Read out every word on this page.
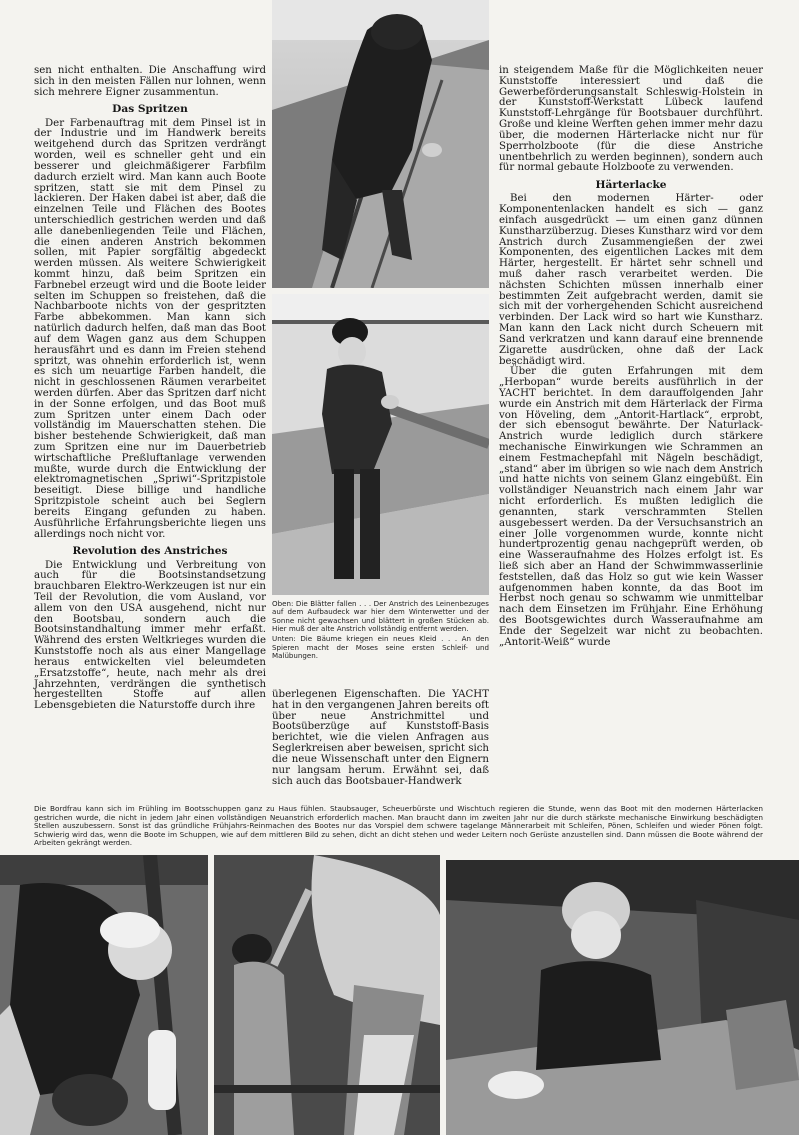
sen nicht enthalten. Die Anschaffung wird sich in den meisten Fällen nur lohnen, wenn sich mehrere Eigner zusammentun.

Das Spritzen

Der Farbenauftrag mit dem Pinsel ist in der Industrie und im Handwerk bereits weitgehend durch das Spritzen verdrängt worden, weil es schneller geht und ein besserer und gleichmäßigerer Farbfilm dadurch erzielt wird. Man kann auch Boote spritzen, statt sie mit dem Pinsel zu lackieren. Der Haken dabei ist aber, daß die einzelnen Teile und Flächen des Bootes unterschiedlich gestrichen werden und daß alle danebenliegenden Teile und Flächen, die einen anderen Anstrich bekommen sollen, mit Papier sorgfältig abgedeckt werden müssen. Als weitere Schwierigkeit kommt hinzu, daß beim Spritzen ein Farbnebel erzeugt wird und die Boote leider selten im Schuppen so freistehen, daß die Nachbarboote nichts von der gespritzten Farbe abbekommen. Man kann sich natürlich dadurch helfen, daß man das Boot auf dem Wagen ganz aus dem Schuppen herausfährt und es dann im Freien stehend spritzt, was ohnehin erforderlich ist, wenn es sich um neuartige Farben handelt, die nicht in geschlossenen Räumen verarbeitet werden dürfen. Aber das Spritzen darf nicht in der Sonne erfolgen, und das Boot muß zum Spritzen unter einem Dach oder vollständig im Mauerschatten stehen. Die bisher bestehende Schwierigkeit, daß man zum Spritzen eine nur im Dauerbetrieb wirtschaftliche Preßluftanlage verwenden mußte, wurde durch die Entwicklung der elektromagnetischen „Spriwi“-Spritzpistole beseitigt. Diese billige und handliche Spritzpistole scheint auch bei Seglern bereits Eingang gefunden zu haben. Ausführliche Erfahrungsberichte liegen uns allerdings noch nicht vor.

Revolution des Anstriches

Die Entwicklung und Verbreitung von auch für die Bootsinstandsetzung brauchbaren Elektro-Werkzeugen ist nur ein Teil der Revolution, die vom Ausland, vor allem von den USA ausgehend, nicht nur den Bootsbau, sondern auch die Bootsinstandhaltung immer mehr erfaßt. Während des ersten Weltkrieges wurden die Kunststoffe noch als aus einer Mangellage heraus entwickelten viel beleumdeten „Ersatzstoffe“, heute, nach mehr als drei Jahrzehnten, verdrängen die synthetisch hergestellten Stoffe auf allen Lebensgebieten die Naturstoffe durch ihre

Oben: Die Blätter fallen . . . Der Anstrich des Leinenbezuges auf dem Aufbaudeck war hier dem Winterwetter und der Sonne nicht gewachsen und blättert in großen Stücken ab. Hier muß der alte Anstrich vollständig entfernt werden.

Unten: Die Bäume kriegen ein neues Kleid . . . An den Spieren macht der Moses seine ersten Schleif- und Malübungen.

überlegenen Eigenschaften. Die YACHT hat in den vergangenen Jahren bereits oft über neue Anstrichmittel und Bootsüberzüge auf Kunststoff-Basis berichtet, wie die vielen Anfragen aus Seglerkreisen aber beweisen, spricht sich die neue Wissenschaft unter den Eignern nur langsam herum. Erwähnt sei, daß sich auch das Bootsbauer-Handwerk

in steigendem Maße für die Möglichkeiten neuer Kunststoffe interessiert und daß die Gewerbeförderungsanstalt Schleswig-Holstein in der Kunststoff-Werkstatt Lübeck laufend Kunststoff-Lehrgänge für Bootsbauer durchführt. Große und kleine Werften gehen immer mehr dazu über, die modernen Härterlacke nicht nur für Sperrholzboote (für die diese Anstriche unentbehrlich zu werden beginnen), sondern auch für normal gebaute Holzboote zu verwenden.

Härterlacke

Bei den modernen Härter- oder Komponentenlacken handelt es sich — ganz einfach ausgedrückt — um einen ganz dünnen Kunstharzüberzug. Dieses Kunstharz wird vor dem Anstrich durch Zusammengießen der zwei Komponenten, des eigentlichen Lackes mit dem Härter, hergestellt. Er härtet sehr schnell und muß daher rasch verarbeitet werden. Die nächsten Schichten müssen innerhalb einer bestimmten Zeit aufgebracht werden, damit sie sich mit der vorhergehenden Schicht ausreichend verbinden. Der Lack wird so hart wie Kunstharz. Man kann den Lack nicht durch Scheuern mit Sand verkratzen und kann darauf eine brennende Zigarette ausdrücken, ohne daß der Lack beschädigt wird.

Über die guten Erfahrungen mit dem „Herbopan“ wurde bereits ausführlich in der YACHT berichtet. In dem darauffolgenden Jahr wurde ein Anstrich mit dem Härterlack der Firma von Höveling, dem „Antorit-Hartlack“, erprobt, der sich ebensogut bewährte. Der Naturlack-Anstrich wurde lediglich durch stärkere mechanische Einwirkungen wie Schrammen an einem Festmachepfahl mit Nägeln beschädigt, „stand“ aber im übrigen so wie nach dem Anstrich und hatte nichts von seinem Glanz eingebüßt. Ein vollständiger Neuanstrich nach einem Jahr war nicht erforderlich. Es mußten lediglich die genannten, stark verschrammten Stellen ausgebessert werden. Da der Versuchsanstrich an einer Jolle vorgenommen wurde, konnte nicht hundertprozentig genau nachgeprüft werden, ob eine Wasseraufnahme des Holzes erfolgt ist. Es ließ sich aber an Hand der Schwimmwasserlinie feststellen, daß das Holz so gut wie kein Wasser aufgenommen haben konnte, da das Boot im Herbst noch genau so schwamm wie unmittelbar nach dem Einsetzen im Frühjahr. Eine Erhöhung des Bootsgewichtes durch Wasseraufnahme am Ende der Segelzeit war nicht zu beobachten. „Antorit-Weiß“ wurde

Die Bordfrau kann sich im Frühling im Bootsschuppen ganz zu Haus fühlen. Staubsauger, Scheuerbürste und Wischtuch regieren die Stunde, wenn das Boot mit den modernen Härterlacken gestrichen wurde, die nicht in jedem Jahr einen vollständigen Neuanstrich erforderlich machen. Man braucht dann im zweiten Jahr nur die durch stärkste mechanische Einwirkung beschädigten Stellen auszubessern. Sonst ist das gründliche Frühjahrs-Reinmachen des Bootes nur das Vorspiel dem schwere tagelange Männerarbeit mit Schleifen, Pönen, Schleifen und wieder Pönen folgt. Schwierig wird das, wenn die Boote im Schuppen, wie auf dem mittleren Bild zu sehen, dicht an dicht stehen und weder Leitern noch Gerüste anzustellen sind. Dann müssen die Boote während der Arbeiten gekrängt werden.
